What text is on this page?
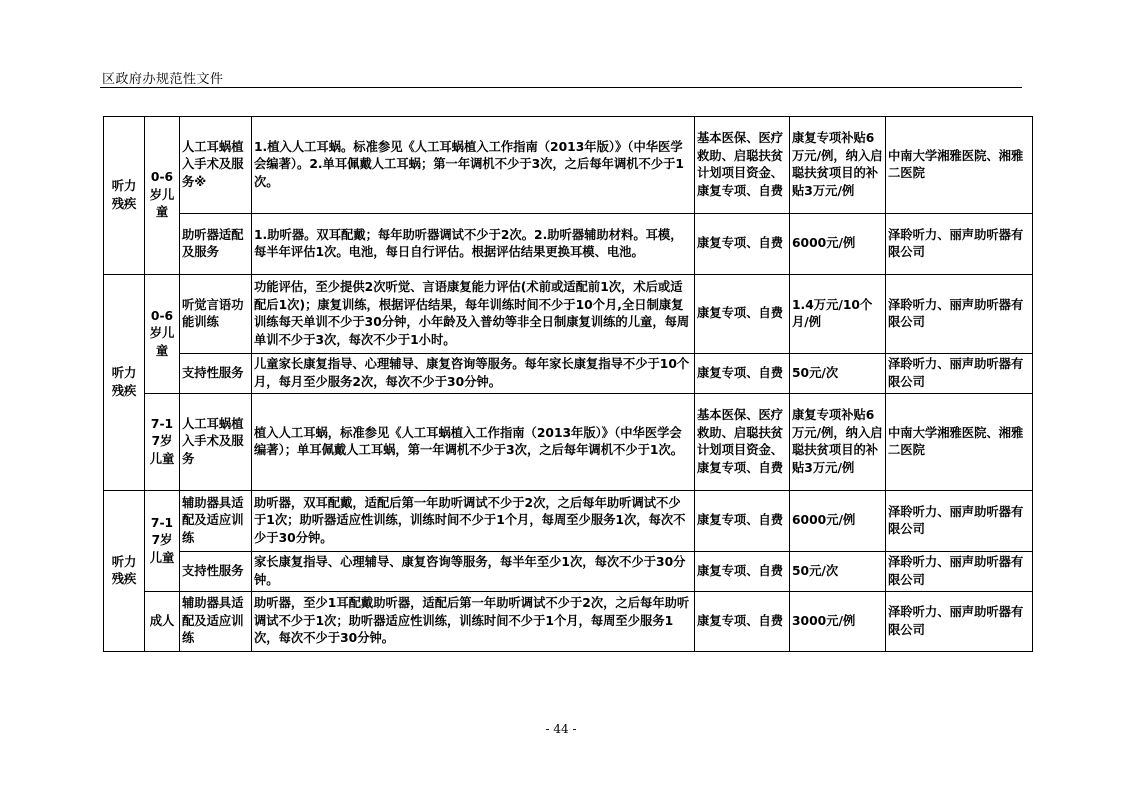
区政府办规范性文件
听力残疾	0-6岁儿童	人工耳蜗植入手术及服务※	1.植入人工耳蜗。标准参见《人工耳蜗植入工作指南（2013年版）》（中华医学会编著）。2.单耳佩戴人工耳蜗；第一年调机不少于3次，之后每年调机不少于1次。	基本医保、医疗救助、启聪扶贫计划项目资金、康复专项、自费	康复专项补贴6万元/例，纳入启聪扶贫项目的补贴3万元/例	中南大学湘雅医院、湘雅二医院
		助听器适配及服务	1.助听器。双耳配戴；每年助听器调试不少于2次。2.助听器辅助材料。耳模，每半年评估1次。电池，每日自行评估。根据评估结果更换耳模、电池。	康复专项、自费	6000元/例	泽聆听力、丽声助听器有限公司
听力残疾	0-6岁儿童	听觉言语功能训练	功能评估，至少提供2次听觉、言语康复能力评估(术前或适配前1次，术后或适配后1次)；康复训练，根据评估结果，每年训练时间不少于10个月,全日制康复训练每天单训不少于30分钟，小年龄及入普幼等非全日制康复训练的儿童，每周单训不少于3次，每次不少于1小时。	康复专项、自费	1.4万元/10个月/例	泽聆听力、丽声助听器有限公司
		支持性服务	儿童家长康复指导、心理辅导、康复咨询等服务。每年家长康复指导不少于10个月，每月至少服务2次，每次不少于30分钟。	康复专项、自费	50元/次	泽聆听力、丽声助听器有限公司
	7-17岁儿童	人工耳蜗植入手术及服务	植入人工耳蜗，标准参见《人工耳蜗植入工作指南（2013年版）》（中华医学会编著）；单耳佩戴人工耳蜗，第一年调机不少于3次，之后每年调机不少于1次。	基本医保、医疗救助、启聪扶贫计划项目资金、康复专项、自费	康复专项补贴6万元/例，纳入启聪扶贫项目的补贴3万元/例	中南大学湘雅医院、湘雅二医院
听力残疾	7-17岁儿童	辅助器具适配及适应训练	助听器，双耳配戴，适配后第一年助听调试不少于2次，之后每年助听调试不少于1次；助听器适应性训练，训练时间不少于1个月，每周至少服务1次，每次不少于30分钟。	康复专项、自费	6000元/例	泽聆听力、丽声助听器有限公司
		支持性服务	家长康复指导、心理辅导、康复咨询等服务，每半年至少1次，每次不少于30分钟。	康复专项、自费	50元/次	泽聆听力、丽声助听器有限公司
	成人	辅助器具适配及适应训练	助听器，至少1耳配戴助听器，适配后第一年助听调试不少于2次，之后每年助听调试不少于1次；助听器适应性训练，训练时间不少于1个月，每周至少服务1次，每次不少于30分钟。	康复专项、自费	3000元/例	泽聆听力、丽声助听器有限公司
- 44 -
